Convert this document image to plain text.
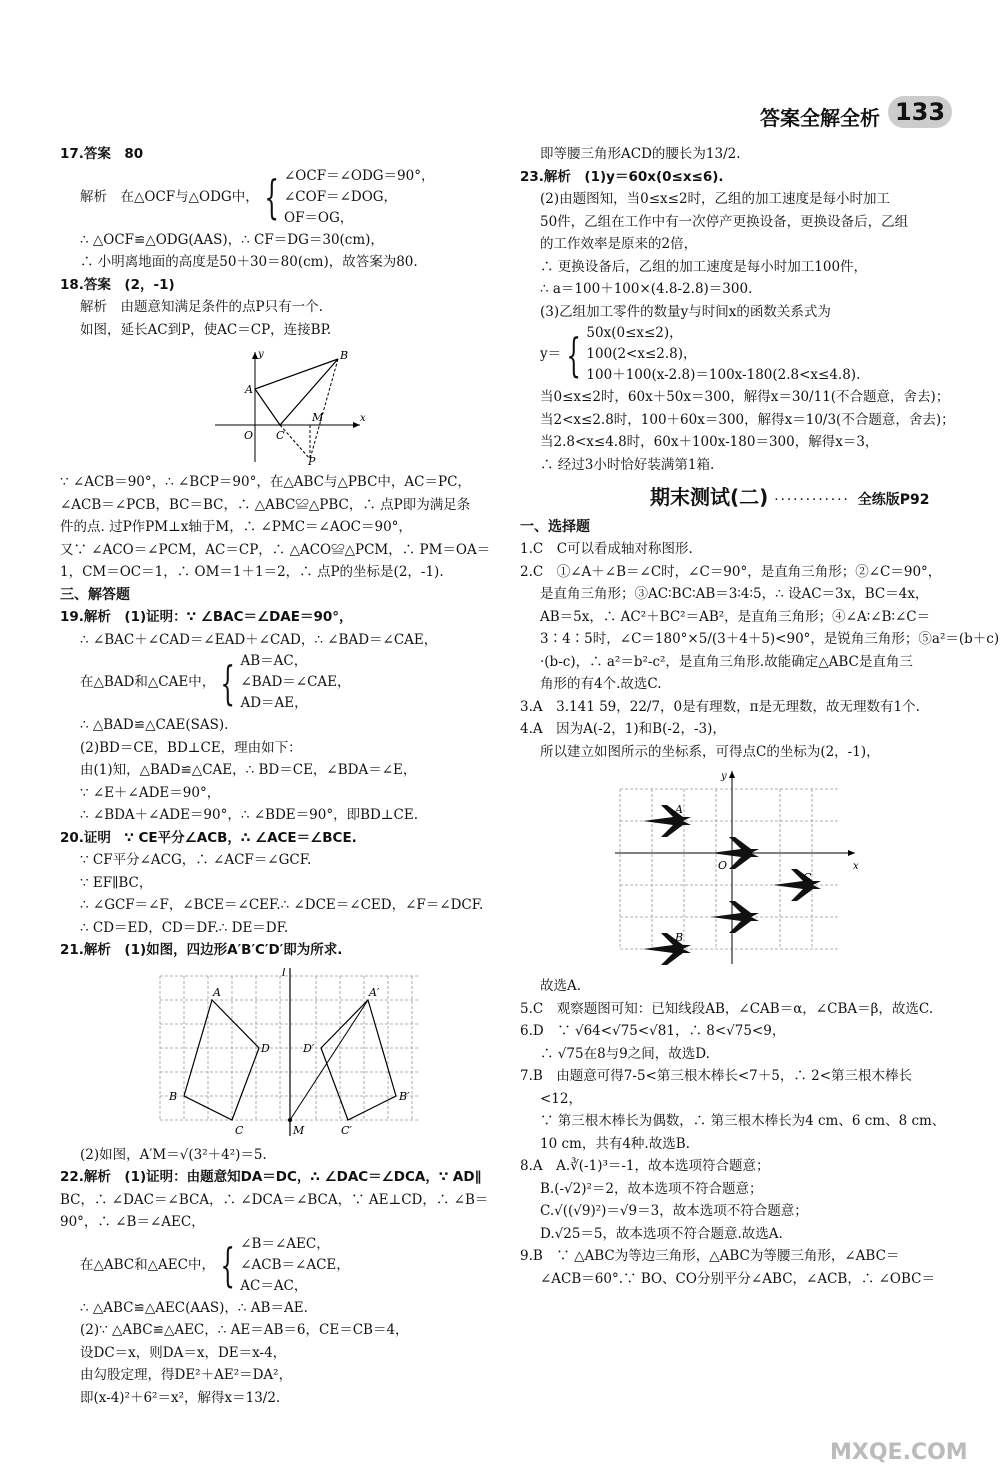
答案全解全析 133

17.答案　80

解析　在△OCF与△ODG中， { ∠OCF＝∠ODG＝90°，
∠COF＝∠DOG，
OF＝OG，

∴ △OCF≌△ODG(AAS)，∴ CF＝DG＝30(cm)，

∴ 小明离地面的高度是50＋30＝80(cm)，故答案为80.

18.答案　(2，-1)

解析　由题意知满足条件的点P只有一个.

如图，延长AC到P，使AC＝CP，连接BP.

A
B
O C
M
P
x
y

∵ ∠ACB＝90°，∴ ∠BCP＝90°，在△ABC与△PBC中，AC＝PC，

∠ACB＝∠PCB，BC＝BC，∴ △ABC≌△PBC，∴ 点P即为满足条

件的点. 过P作PM⊥x轴于M，∴ ∠PMC＝∠AOC＝90°，

又∵ ∠ACO＝∠PCM，AC＝CP，∴ △ACO≌△PCM，∴ PM＝OA＝

1，CM＝OC＝1，∴ OM＝1＋1＝2，∴ 点P的坐标是(2，-1).

三、解答题

19.解析　(1)证明：∵ ∠BAC＝∠DAE＝90°，

∴ ∠BAC＋∠CAD＝∠EAD＋∠CAD，∴ ∠BAD＝∠CAE，

在△BAD和△CAE中， { AB＝AC，
∠BAD＝∠CAE，
AD＝AE，

∴ △BAD≌△CAE(SAS).

(2)BD＝CE，BD⊥CE，理由如下：

由(1)知，△BAD≌△CAE，∴ BD＝CE，∠BDA＝∠E，

∵ ∠E＋∠ADE＝90°，

∴ ∠BDA＋∠ADE＝90°，∴ ∠BDE＝90°，即BD⊥CE.

20.证明　∵ CE平分∠ACB，∴ ∠ACE＝∠BCE.

∵ CF平分∠ACG，∴ ∠ACF＝∠GCF.

∵ EF∥BC，

∴ ∠GCF＝∠F，∠BCE＝∠CEF.∴ ∠DCE＝∠CED，∠F＝∠DCF.

∴ CD＝ED，CD＝DF.∴ DE＝DF.

21.解析　(1)如图，四边形A′B′C′D′即为所求.

A
B
C
D
A′
B′
C′
D′
M
l

(2)如图，A′M＝√(3²＋4²)＝5.

22.解析　(1)证明：由题意知DA＝DC，∴ ∠DAC＝∠DCA，∵ AD∥

BC，∴ ∠DAC＝∠BCA，∴ ∠DCA＝∠BCA，∵ AE⊥CD，∴ ∠B＝

90°，∴ ∠B＝∠AEC，

在△ABC和△AEC中， { ∠B＝∠AEC，
∠ACB＝∠ACE，
AC＝AC，

∴ △ABC≌△AEC(AAS)，∴ AB＝AE.

(2)∵ △ABC≌△AEC，∴ AE＝AB＝6，CE＝CB＝4，

设DC＝x，则DA＝x，DE＝x-4，

由勾股定理，得DE²＋AE²＝DA²，

即(x-4)²＋6²＝x²，解得x＝13/2.

即等腰三角形ACD的腰长为13/2.

23.解析　(1)y＝60x(0≤x≤6).

(2)由题图知，当0≤x≤2时，乙组的加工速度是每小时加工

50件，乙组在工作中有一次停产更换设备，更换设备后，乙组

的工作效率是原来的2倍，

∴ 更换设备后，乙组的加工速度是每小时加工100件，

∴ a＝100＋100×(4.8-2.8)＝300.

(3)乙组加工零件的数量y与时间x的函数关系式为

y＝ { 50x(0≤x≤2)，
100(2<x≤2.8)，
100＋100(x-2.8)＝100x-180(2.8<x≤4.8).

当0≤x≤2时，60x＋50x＝300，解得x＝30/11(不合题意，舍去)；

当2<x≤2.8时，100＋60x＝300，解得x＝10/3(不合题意，舍去)；

当2.8<x≤4.8时，60x＋100x-180＝300，解得x＝3，

∴ 经过3小时恰好装满第1箱.

期末测试(二) ············ 全练版P92

一、选择题

1.C　C可以看成轴对称图形.

2.C　①∠A＋∠B＝∠C时，∠C＝90°，是直角三角形；②∠C＝90°，

是直角三角形；③AC∶BC∶AB＝3∶4∶5，∴ 设AC＝3x，BC＝4x，

AB＝5x，∴ AC²＋BC²＝AB²，是直角三角形；④∠A∶∠B∶∠C＝

3∶4∶5时，∠C＝180°×5/(3＋4＋5)<90°，是锐角三角形；⑤a²＝(b＋c)

·(b-c)，∴ a²＝b²-c²，是直角三角形.故能确定△ABC是直角三

角形的有4个.故选C.

3.A　3.141 59，22/7，0是有理数，π是无理数，故无理数有1个.

4.A　因为A(-2，1)和B(-2，-3)，

所以建立如图所示的坐标系，可得点C的坐标为(2，-1)，

A
B
C
O	x
y

故选A.

5.C　观察题图可知：已知线段AB，∠CAB＝α，∠CBA＝β，故选C.

6.D　∵ √64<√75<√81，∴ 8<√75<9，

∴ √75在8与9之间，故选D.

7.B　由题意可得7-5<第三根木棒长<7＋5，∴ 2<第三根木棒长

<12，

∵ 第三根木棒长为偶数，∴ 第三根木棒长为4 cm、6 cm、8 cm、

10 cm，共有4种.故选B.

8.A　A.∛(-1)³＝-1，故本选项符合题意；

B.(-√2)²＝2，故本选项不符合题意；

C.√((√9)²)＝√9＝3，故本选项不符合题意；

D.√25＝5，故本选项不符合题意.故选A.

9.B　∵ △ABC为等边三角形，△ABC为等腰三角形，∠ABC＝

∠ACB＝60°.∵ BO、CO分别平分∠ABC，∠ACB，∴ ∠OBC＝

MXQE.COM
